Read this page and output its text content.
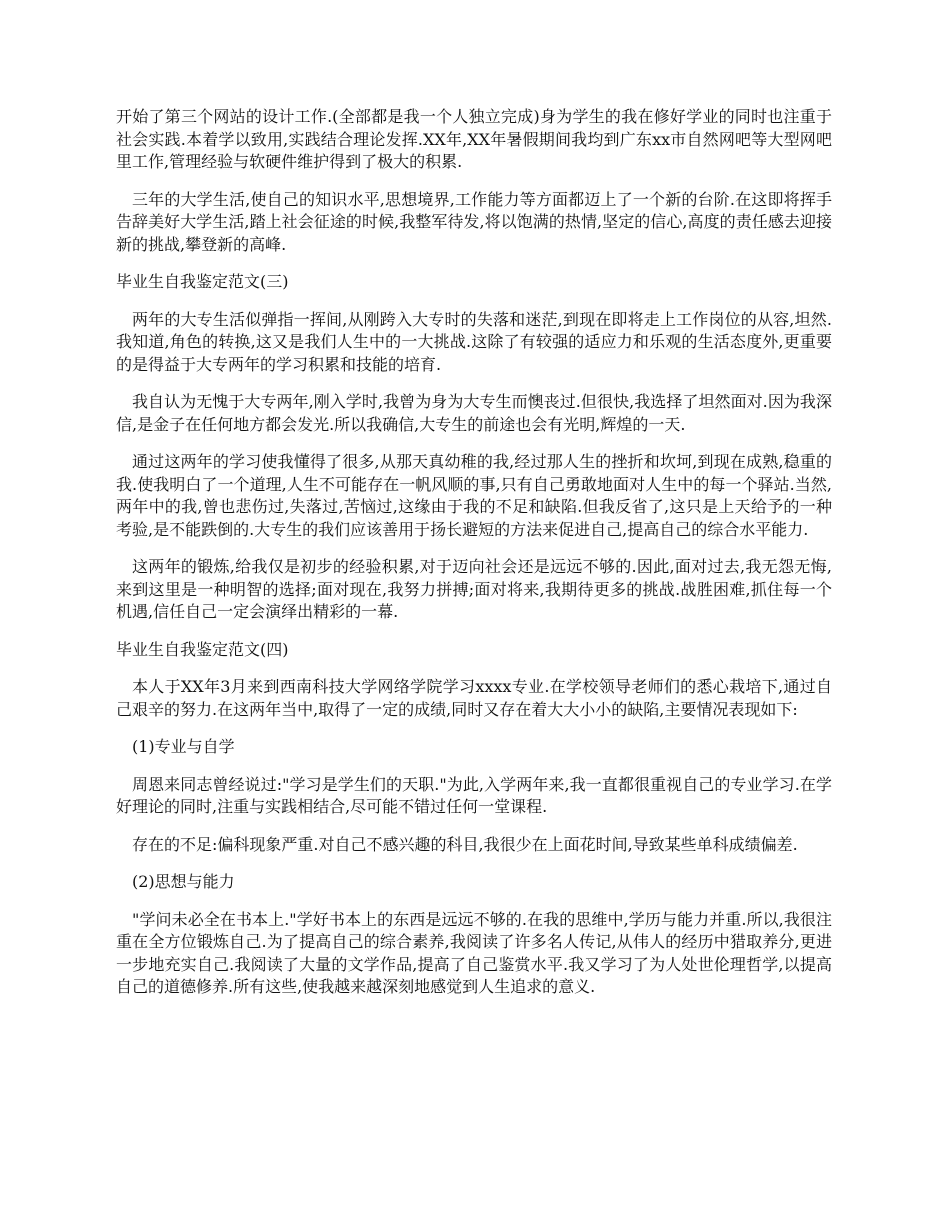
开始了第三个网站的设计工作.(全部都是我一个人独立完成)身为学生的我在修好学业的同时也注重于社会实践.本着学以致用,实践结合理论发挥.XX年,XX年暑假期间我均到广东xx市自然网吧等大型网吧里工作,管理经验与软硬件维护得到了极大的积累.

三年的大学生活,使自己的知识水平,思想境界,工作能力等方面都迈上了一个新的台阶.在这即将挥手告辞美好大学生活,踏上社会征途的时候,我整军待发,将以饱满的热情,坚定的信心,高度的责任感去迎接新的挑战,攀登新的高峰.

毕业生自我鉴定范文(三)

两年的大专生活似弹指一挥间,从刚跨入大专时的失落和迷茫,到现在即将走上工作岗位的从容,坦然.我知道,角色的转换,这又是我们人生中的一大挑战.这除了有较强的适应力和乐观的生活态度外,更重要的是得益于大专两年的学习积累和技能的培育.

我自认为无愧于大专两年,刚入学时,我曾为身为大专生而懊丧过.但很快,我选择了坦然面对.因为我深信,是金子在任何地方都会发光.所以我确信,大专生的前途也会有光明,辉煌的一天.

通过这两年的学习使我懂得了很多,从那天真幼稚的我,经过那人生的挫折和坎坷,到现在成熟,稳重的我.使我明白了一个道理,人生不可能存在一帆风顺的事,只有自己勇敢地面对人生中的每一个驿站.当然,两年中的我,曾也悲伤过,失落过,苦恼过,这缘由于我的不足和缺陷.但我反省了,这只是上天给予的一种考验,是不能跌倒的.大专生的我们应该善用于扬长避短的方法来促进自己,提高自己的综合水平能力.

这两年的锻炼,给我仅是初步的经验积累,对于迈向社会还是远远不够的.因此,面对过去,我无怨无悔,来到这里是一种明智的选择;面对现在,我努力拼搏;面对将来,我期待更多的挑战.战胜困难,抓住每一个机遇,信任自己一定会演绎出精彩的一幕.

毕业生自我鉴定范文(四)

本人于XX年3月来到西南科技大学网络学院学习xxxx专业.在学校领导老师们的悉心栽培下,通过自己艰辛的努力.在这两年当中,取得了一定的成绩,同时又存在着大大小小的缺陷,主要情况表现如下:

(1)专业与自学

周恩来同志曾经说过:"学习是学生们的天职."为此,入学两年来,我一直都很重视自己的专业学习.在学好理论的同时,注重与实践相结合,尽可能不错过任何一堂课程.

存在的不足:偏科现象严重.对自己不感兴趣的科目,我很少在上面花时间,导致某些单科成绩偏差.

(2)思想与能力

"学问未必全在书本上."学好书本上的东西是远远不够的.在我的思维中,学历与能力并重.所以,我很注重在全方位锻炼自己.为了提高自己的综合素养,我阅读了许多名人传记,从伟人的经历中猎取养分,更进一步地充实自己.我阅读了大量的文学作品,提高了自己鉴赏水平.我又学习了为人处世伦理哲学,以提高自己的道德修养.所有这些,使我越来越深刻地感觉到人生追求的意义.
